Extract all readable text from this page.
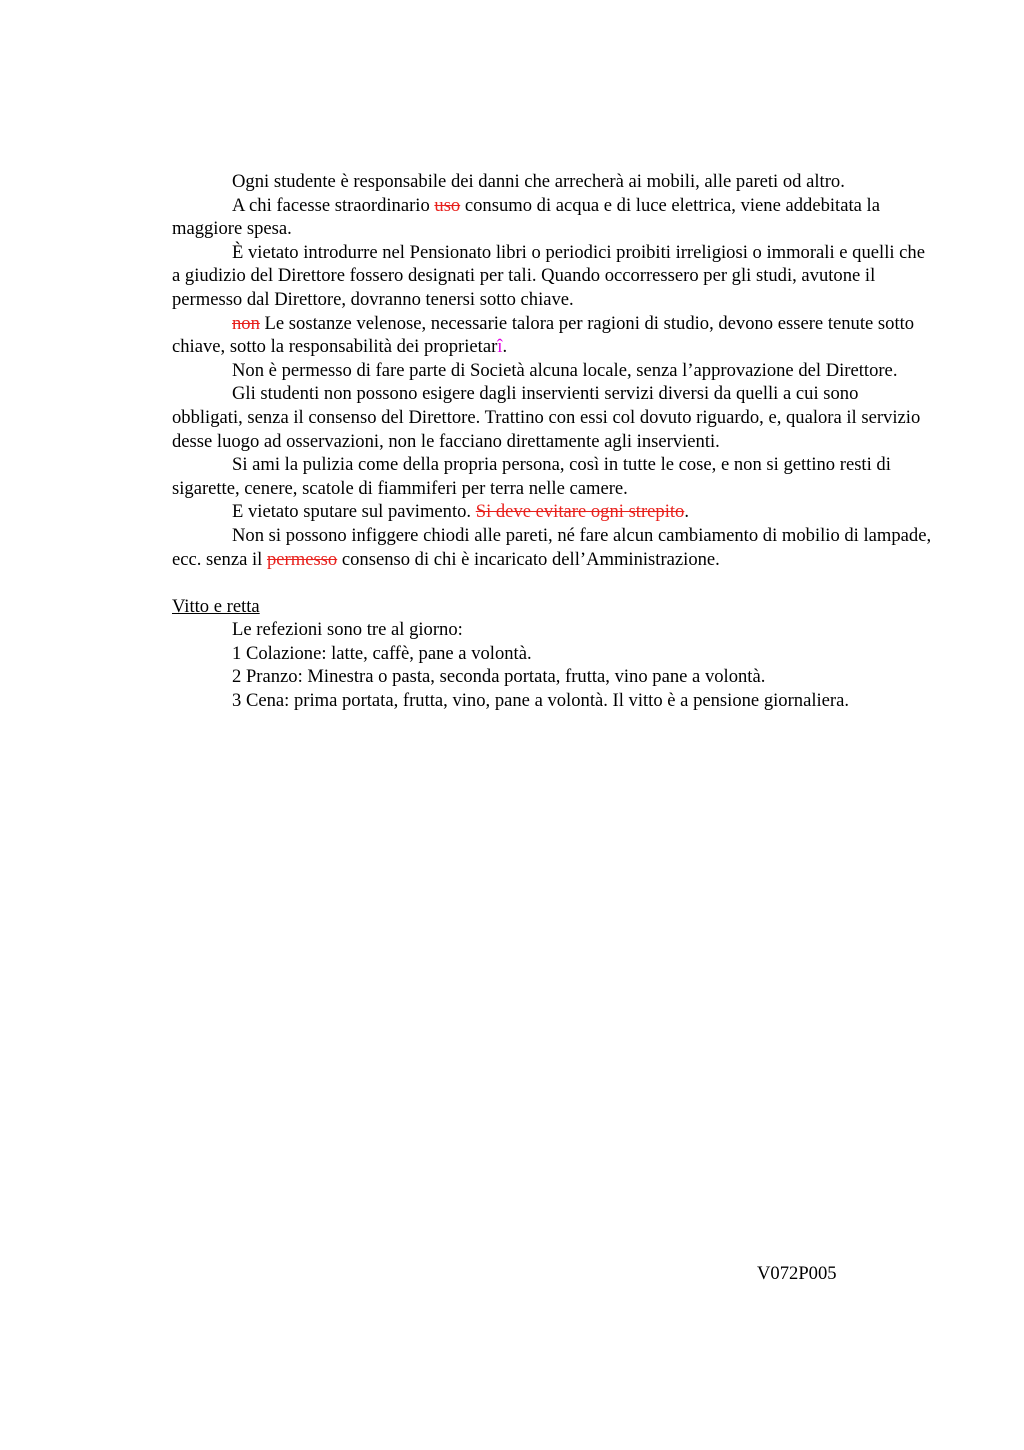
Ogni studente è responsabile dei danni che arrecherà ai mobili, alle pareti od altro.

A chi facesse straordinario uso consumo di acqua e di luce elettrica, viene addebitata la maggiore spesa.

È vietato introdurre nel Pensionato libri o periodici proibiti irreligiosi o immorali e quelli che a giudizio del Direttore fossero designati per tali. Quando occorressero per gli studi, avutone il permesso dal Direttore, dovranno tenersi sotto chiave.

non Le sostanze velenose, necessarie talora per ragioni di studio, devono essere tenute sotto chiave, sotto la responsabilità dei proprietarî.

Non è permesso di fare parte di Società alcuna locale, senza l’approvazione del Direttore.

Gli studenti non possono esigere dagli inservienti servizi diversi da quelli a cui sono obbligati, senza il consenso del Direttore. Trattino con essi col dovuto riguardo, e, qualora il servizio desse luogo ad osservazioni, non le facciano direttamente agli inservienti.

Si ami la pulizia come della propria persona, così in tutte le cose, e non si gettino resti di sigarette, cenere, scatole di fiammiferi per terra nelle camere.

E vietato sputare sul pavimento. Si deve evitare ogni strepito.

Non si possono infiggere chiodi alle pareti, né fare alcun cambiamento di mobilio di lampade, ecc. senza il permesso consenso di chi è incaricato dell’Amministrazione.

Vitto e retta

Le refezioni sono tre al giorno:

1 Colazione: latte, caffè, pane a volontà.

2 Pranzo: Minestra o pasta, seconda portata, frutta, vino pane a volontà.

3 Cena: prima portata, frutta, vino, pane a volontà. Il vitto è a pensione giornaliera.

V072P005
